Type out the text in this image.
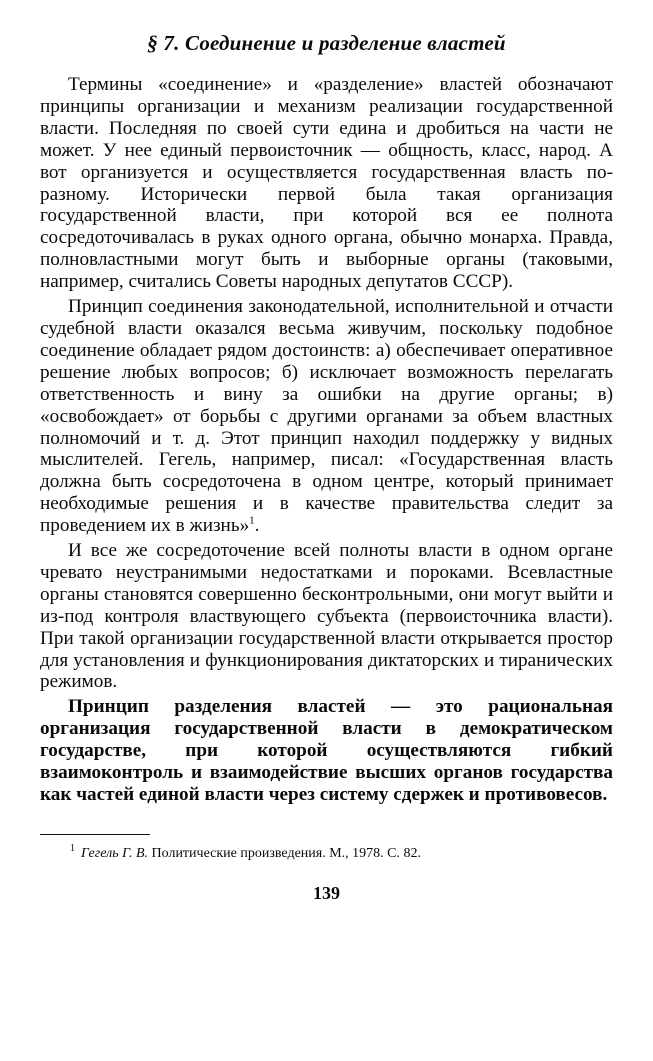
§ 7. Соединение и разделение властей

Термины «соединение» и «разделение» властей обозначают принципы организации и механизм реализации государственной власти. Последняя по своей сути едина и дробиться на части не может. У нее единый первоисточник — общность, класс, народ. А вот организуется и осуществляется государственная власть по-разному. Исторически первой была такая организация государственной власти, при которой вся ее полнота сосредоточивалась в руках одного органа, обычно монарха. Правда, полновластными могут быть и выборные органы (таковыми, например, считались Советы народных депутатов СССР).

Принцип соединения законодательной, исполнительной и отчасти судебной власти оказался весьма живучим, поскольку подобное соединение обладает рядом достоинств: а) обеспечивает оперативное решение любых вопросов; б) исключает возможность перелагать ответственность и вину за ошибки на другие органы; в) «освобождает» от борьбы с другими органами за объем властных полномочий и т. д. Этот принцип находил поддержку у видных мыслителей. Гегель, например, писал: «Государственная власть должна быть сосредоточена в одном центре, который принимает необходимые решения и в качестве правительства следит за проведением их в жизнь»$^1$.

И все же сосредоточение всей полноты власти в одном органе чревато неустранимыми недостатками и пороками. Всевластные органы становятся совершенно бесконтрольными, они могут выйти и из-под контроля властвующего субъекта (первоисточника власти). При такой организации государственной власти открывается простор для установления и функционирования диктаторских и тиранических режимов.

Принцип разделения властей — это рациональная организация государственной власти в демократическом государстве, при которой осуществляются гибкий взаимоконтроль и взаимодействие высших органов государства как частей единой власти через систему сдержек и противовесов.

$^1$ Гегель Г. В. Политические произведения. М., 1978. С. 82.

139
